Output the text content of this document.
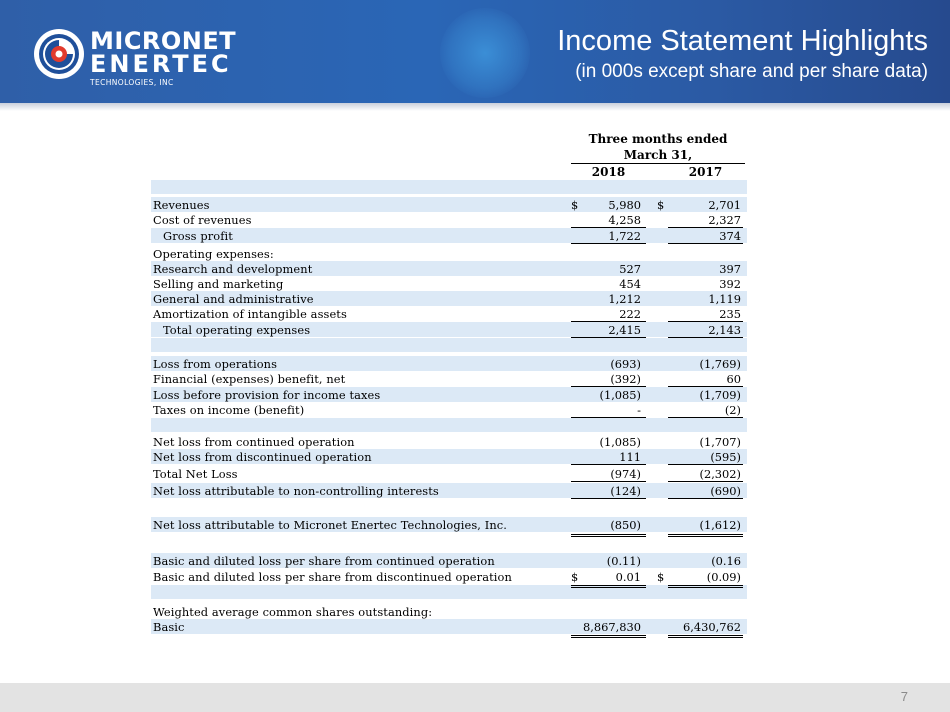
MICRONET
ENERTEC
TECHNOLOGIES, INC
Income Statement Highlights
(in 000s except share and per share data)
Three months ended
March 31,
2018	2017
Revenues	$	5,980 $	2,701
Cost of revenues	4,258	2,327
Gross profit	1,722	374
Operating expenses:
Research and development	527	397
Selling and marketing	454	392
General and administrative	1,212	1,119
Amortization of intangible assets	222	235
Total operating expenses	2,415	2,143
Loss from operations	(693)	(1,769)
Financial (expenses) benefit, net	(392)	60
Loss before provision for income taxes	(1,085)	(1,709)
Taxes on income (benefit)	-	(2)
Net loss from continued operation	(1,085)	(1,707)
Net loss from discontinued operation	111	(595)
Total Net Loss	(974)	(2,302)
Net loss attributable to non-controlling interests	(124)	(690)
Net loss attributable to Micronet Enertec Technologies, Inc.	(850)	(1,612)
Basic and diluted loss per share from continued operation	(0.11)	(0.16
Basic and diluted loss per share from discontinued operation	$	0.01 $	(0.09)
Weighted average common shares outstanding:
Basic	8,867,830	6,430,762
7
